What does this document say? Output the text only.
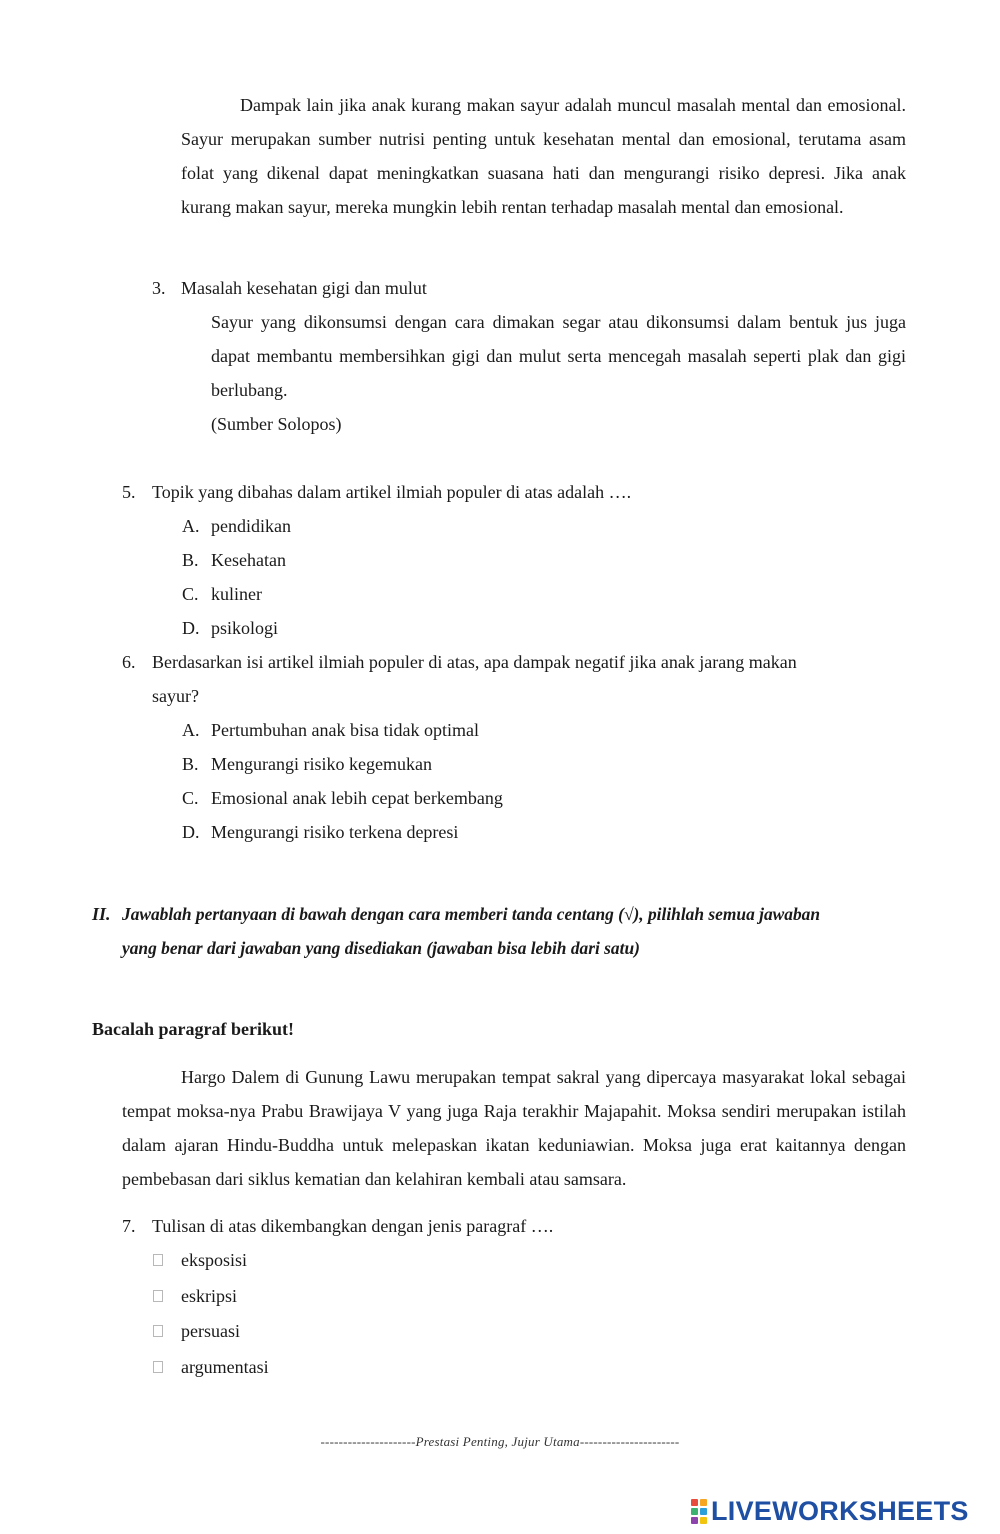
Dampak lain jika anak kurang makan sayur adalah muncul masalah mental dan emosional. Sayur merupakan sumber nutrisi penting untuk kesehatan mental dan emosional, terutama asam folat yang dikenal dapat meningkatkan suasana hati dan mengurangi risiko depresi. Jika anak kurang makan sayur, mereka mungkin lebih rentan terhadap masalah mental dan emosional.
3. Masalah kesehatan gigi dan mulut
Sayur yang dikonsumsi dengan cara dimakan segar atau dikonsumsi dalam bentuk jus juga dapat membantu membersihkan gigi dan mulut serta mencegah masalah seperti plak dan gigi berlubang.
(Sumber Solopos)
5. Topik yang dibahas dalam artikel ilmiah populer di atas adalah ….
A. pendidikan
B. Kesehatan
C. kuliner
D. psikologi
6. Berdasarkan isi artikel ilmiah populer di atas, apa dampak negatif jika anak jarang makan
sayur?
A. Pertumbuhan anak bisa tidak optimal
B. Mengurangi risiko kegemukan
C. Emosional anak lebih cepat berkembang
D. Mengurangi risiko terkena depresi
II. Jawablah pertanyaan di bawah dengan cara memberi tanda centang (√), pilihlah semua jawaban
yang benar dari jawaban yang disediakan (jawaban bisa lebih dari satu)
Bacalah paragraf berikut!
Hargo Dalem di Gunung Lawu merupakan tempat sakral yang dipercaya masyarakat lokal sebagai tempat moksa-nya Prabu Brawijaya V yang juga Raja terakhir Majapahit. Moksa sendiri merupakan istilah dalam ajaran Hindu-Buddha untuk melepaskan ikatan keduniawian. Moksa juga erat kaitannya dengan pembebasan dari siklus kematian dan kelahiran kembali atau samsara.
7. Tulisan di atas dikembangkan dengan jenis paragraf ….
eksposisi
eskripsi
persuasi
argumentasi
---------------------Prestasi Penting, Jujur Utama----------------------
LIVEWORKSHEETS
